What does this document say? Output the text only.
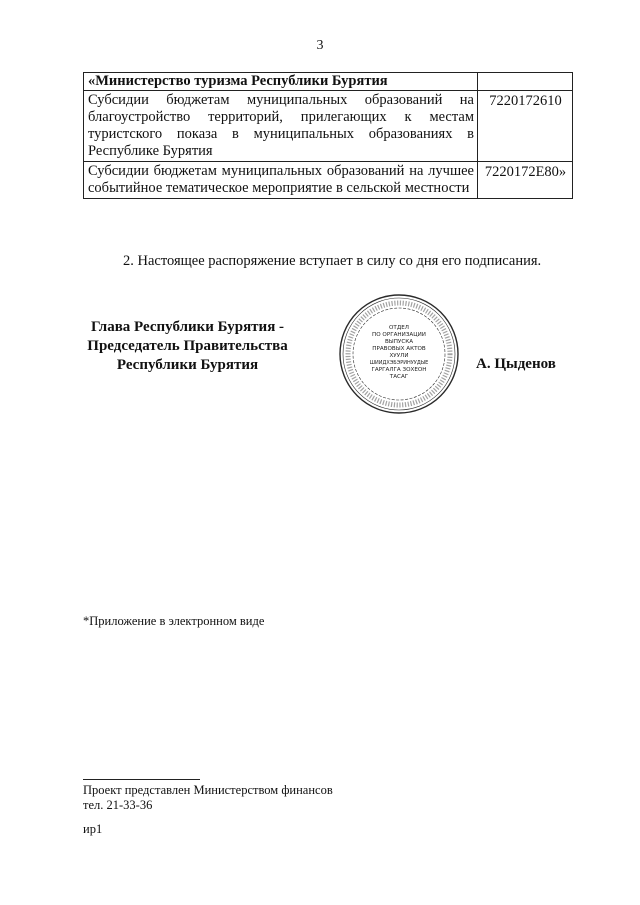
3
«Министерство туризма Республики Бурятия	
Субсидии бюджетам муниципальных образований на благоустройство территорий, прилегающих к местам туристского показа в муниципальных образованиях в Республике Бурятия	7220172610
Субсидии бюджетам муниципальных образований на лучшее событийное тематическое мероприятие в сельской местности	7220172E80»
2. Настоящее распоряжение вступает в силу со дня его подписания.
Глава Республики Бурятия -
Председатель Правительства
Республики Бурятия
ОТДЕЛ
ПО ОРГАНИЗАЦИИ
ВЫПУСКА
ПРАВОВЫХ АКТОВ
ХУУЛИ
ШИИДХЭБЭРИНУУДЫЕ
ГАРГАЛГА ЗОХЕОН
ТАСАГ
А. Цыденов
*Приложение в электронном виде
Проект представлен Министерством финансов
тел. 21-33-36
ир1
